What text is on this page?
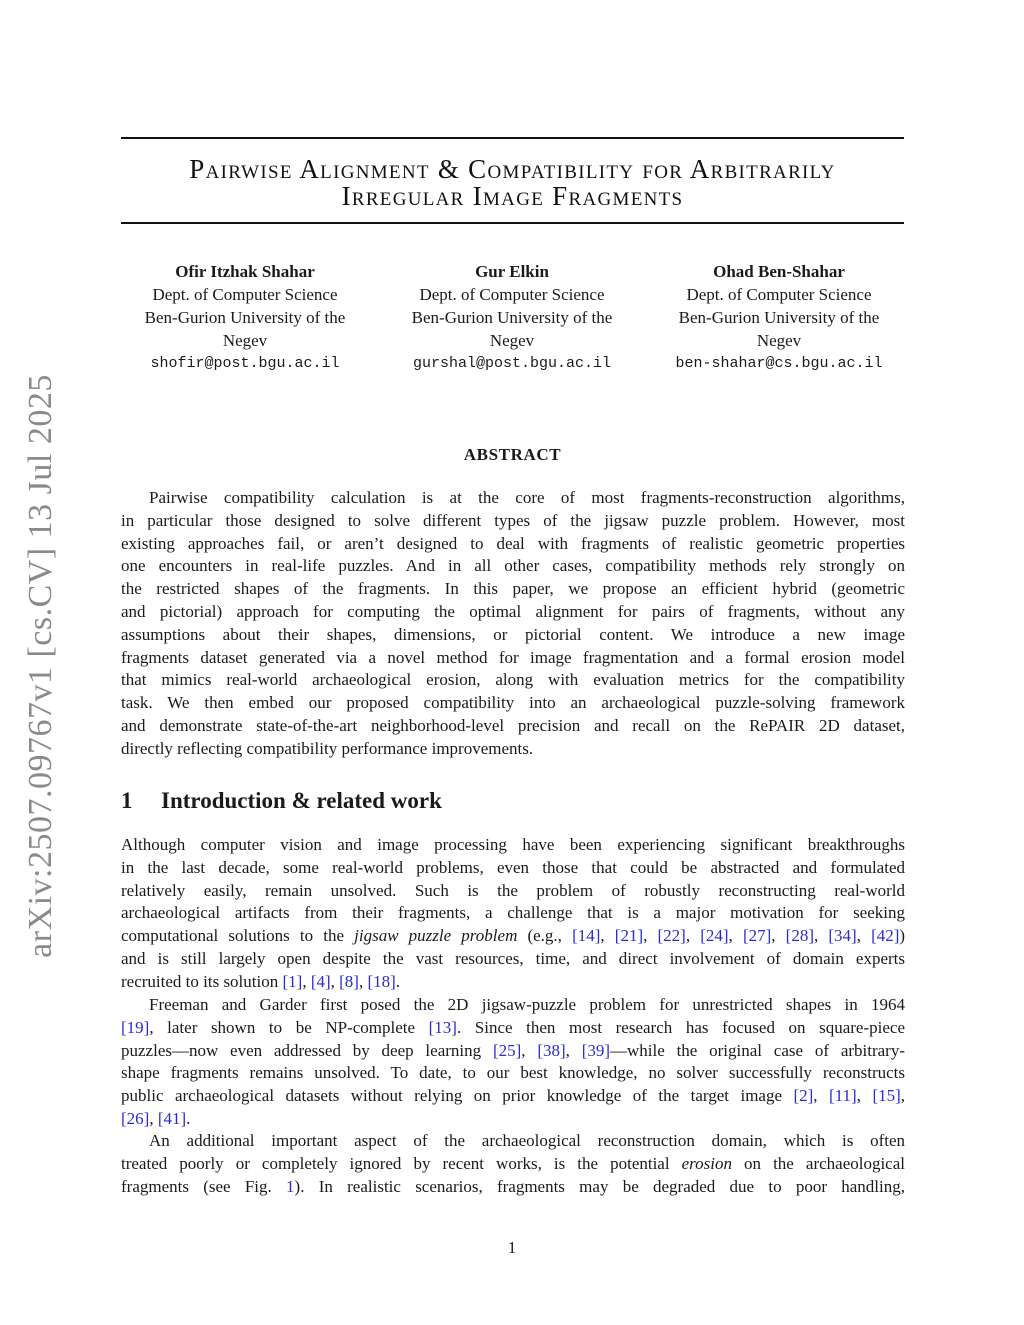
arXiv:2507.09767v1 [cs.CV] 13 Jul 2025
Pairwise Alignment & Compatibility for Arbitrarily
Irregular Image Fragments
Ofir Itzhak Shahar
Dept. of Computer Science
Ben-Gurion University of the
Negev
shofir@post.bgu.ac.il
Gur Elkin
Dept. of Computer Science
Ben-Gurion University of the
Negev
gurshal@post.bgu.ac.il
Ohad Ben-Shahar
Dept. of Computer Science
Ben-Gurion University of the
Negev
ben-shahar@cs.bgu.ac.il
ABSTRACT
Pairwise compatibility calculation is at the core of most fragments-reconstruction algorithms,
in particular those designed to solve different types of the jigsaw puzzle problem. However, most
existing approaches fail, or aren’t designed to deal with fragments of realistic geometric properties
one encounters in real-life puzzles. And in all other cases, compatibility methods rely strongly on
the restricted shapes of the fragments. In this paper, we propose an efficient hybrid (geometric
and pictorial) approach for computing the optimal alignment for pairs of fragments, without any
assumptions about their shapes, dimensions, or pictorial content. We introduce a new image
fragments dataset generated via a novel method for image fragmentation and a formal erosion model
that mimics real-world archaeological erosion, along with evaluation metrics for the compatibility
task. We then embed our proposed compatibility into an archaeological puzzle-solving framework
and demonstrate state-of-the-art neighborhood-level precision and recall on the RePAIR 2D dataset,
directly reflecting compatibility performance improvements.
1 Introduction & related work
Although computer vision and image processing have been experiencing significant breakthroughs
in the last decade, some real-world problems, even those that could be abstracted and formulated
relatively easily, remain unsolved. Such is the problem of robustly reconstructing real-world
archaeological artifacts from their fragments, a challenge that is a major motivation for seeking
computational solutions to the jigsaw puzzle problem (e.g., [14], [21], [22], [24], [27], [28], [34], [42])
and is still largely open despite the vast resources, time, and direct involvement of domain experts
recruited to its solution [1], [4], [8], [18].
Freeman and Garder first posed the 2D jigsaw-puzzle problem for unrestricted shapes in 1964
[19], later shown to be NP-complete [13]. Since then most research has focused on square-piece
puzzles—now even addressed by deep learning [25], [38], [39]—while the original case of arbitrary-
shape fragments remains unsolved. To date, to our best knowledge, no solver successfully reconstructs
public archaeological datasets without relying on prior knowledge of the target image [2], [11], [15],
[26], [41].
An additional important aspect of the archaeological reconstruction domain, which is often
treated poorly or completely ignored by recent works, is the potential erosion on the archaeological
fragments (see Fig. 1). In realistic scenarios, fragments may be degraded due to poor handling,
1
